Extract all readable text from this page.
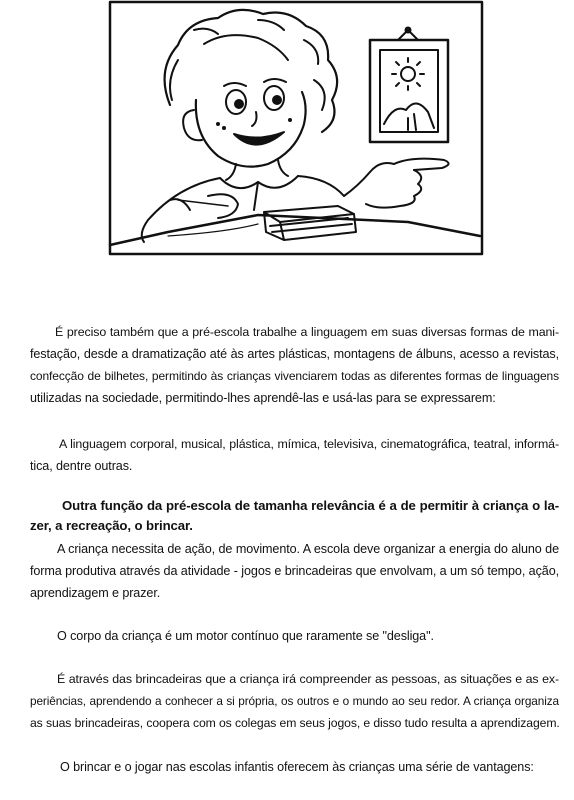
É preciso também que a pré-escola trabalhe a linguagem em suas diversas formas de mani-
festação, desde a dramatização até às artes plásticas, montagens de álbuns, acesso a revistas,
confecção de bilhetes, permitindo às crianças vivenciarem todas as diferentes formas de linguagens
utilizadas na sociedade, permitindo-lhes aprendê-las e usá-las para se expressarem:
A linguagem corporal, musical, plástica, mímica, televisiva, cinematográfica, teatral, informá-
tica, dentre outras.
Outra função da pré-escola de tamanha relevância é a de permitir à criança o la-
zer, a recreação, o brincar.
A criança necessita de ação, de movimento. A escola deve organizar a energia do aluno de
forma produtiva através da atividade - jogos e brincadeiras que envolvam, a um só tempo, ação,
aprendizagem e prazer.
O corpo da criança é um motor contínuo que raramente se "desliga".
É através das brincadeiras que a criança irá compreender as pessoas, as situações e as ex-
periências, aprendendo a conhecer a si própria, os outros e o mundo ao seu redor. A criança organiza
as suas brincadeiras, coopera com os colegas em seus jogos, e disso tudo resulta a aprendizagem.
O brincar e o jogar nas escolas infantis oferecem às crianças uma série de vantagens:
